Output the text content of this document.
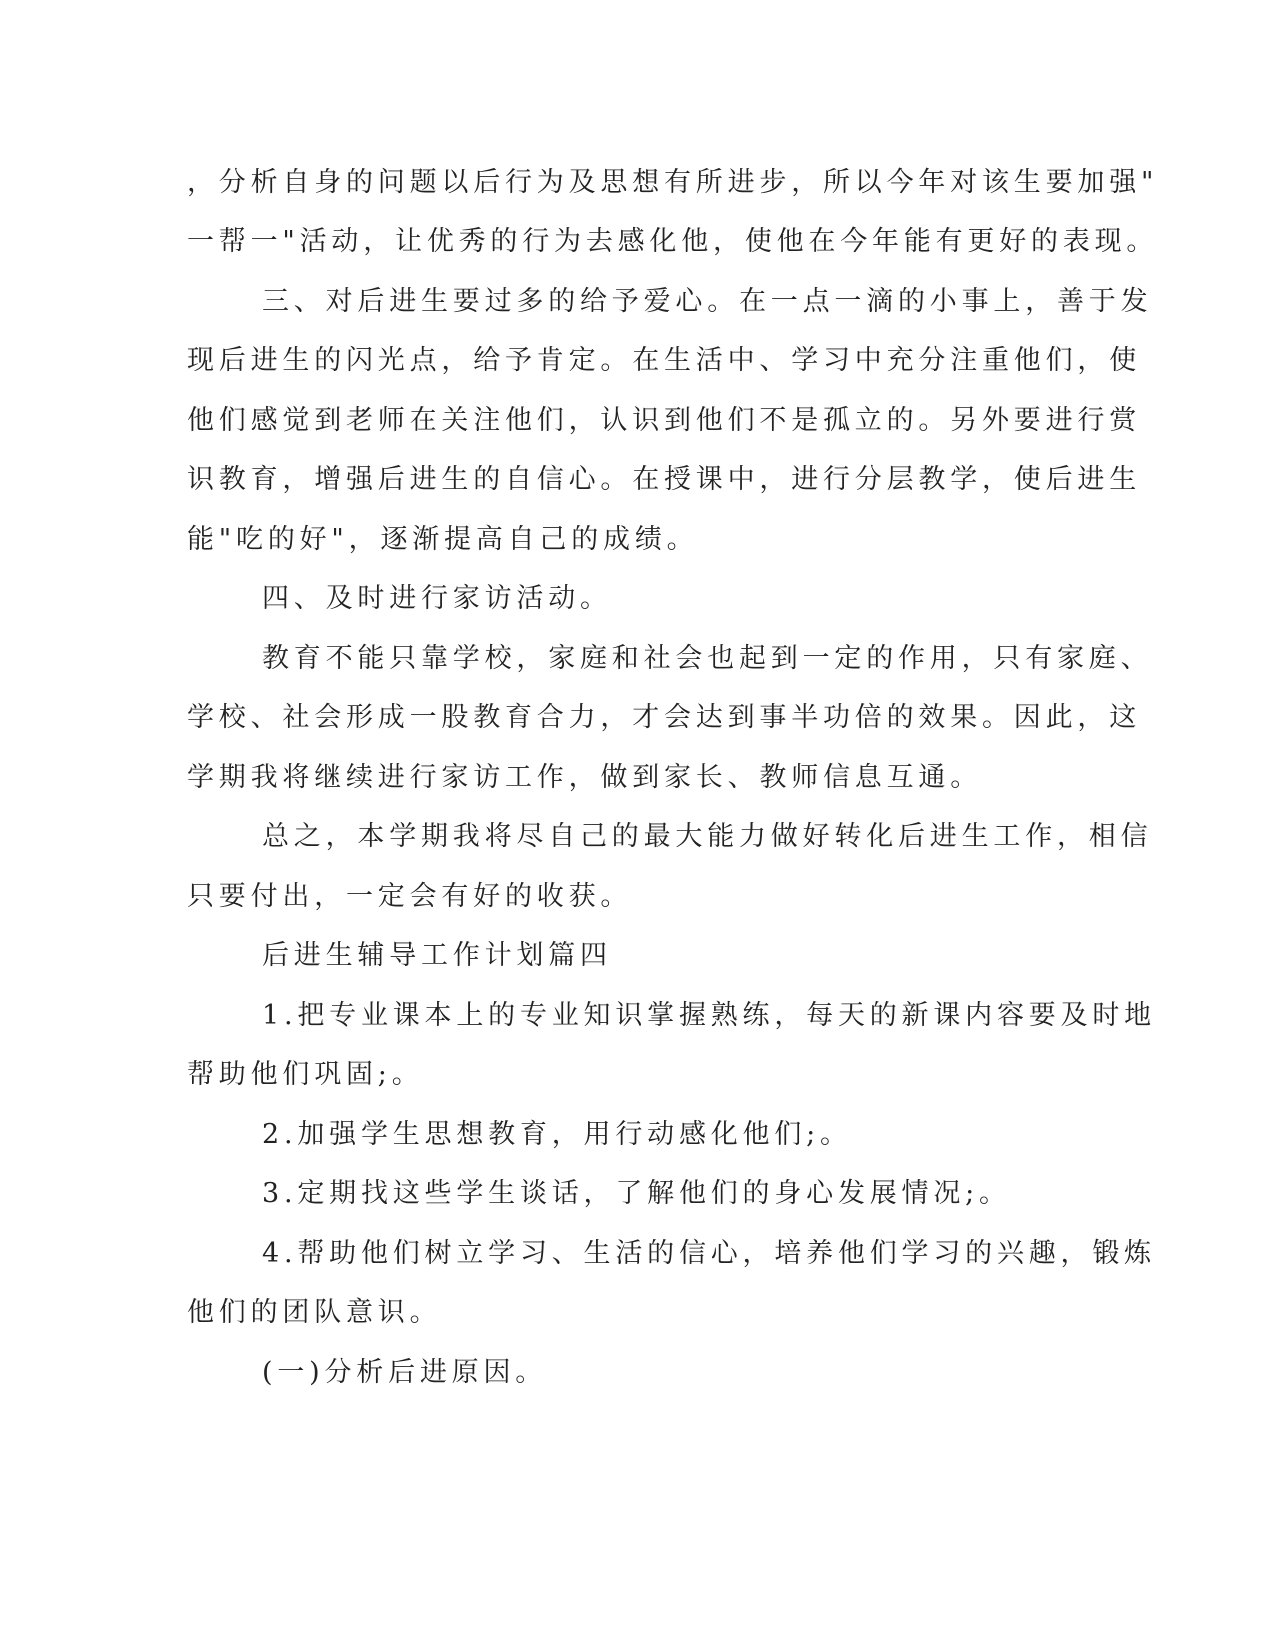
，分析自身的问题以后行为及思想有所进步，所以今年对该生要加强"
一帮一"活动，让优秀的行为去感化他，使他在今年能有更好的表现。
三、对后进生要过多的给予爱心。在一点一滴的小事上，善于发
现后进生的闪光点，给予肯定。在生活中、学习中充分注重他们，使
他们感觉到老师在关注他们，认识到他们不是孤立的。另外要进行赏
识教育，增强后进生的自信心。在授课中，进行分层教学，使后进生
能"吃的好"，逐渐提高自己的成绩。
四、及时进行家访活动。
教育不能只靠学校，家庭和社会也起到一定的作用，只有家庭、
学校、社会形成一股教育合力，才会达到事半功倍的效果。因此，这
学期我将继续进行家访工作，做到家长、教师信息互通。
总之，本学期我将尽自己的最大能力做好转化后进生工作，相信
只要付出，一定会有好的收获。
后进生辅导工作计划篇四
1.把专业课本上的专业知识掌握熟练，每天的新课内容要及时地
帮助他们巩固;。
2.加强学生思想教育，用行动感化他们;。
3.定期找这些学生谈话，了解他们的身心发展情况;。
4.帮助他们树立学习、生活的信心，培养他们学习的兴趣，锻炼
他们的团队意识。
(一)分析后进原因。
